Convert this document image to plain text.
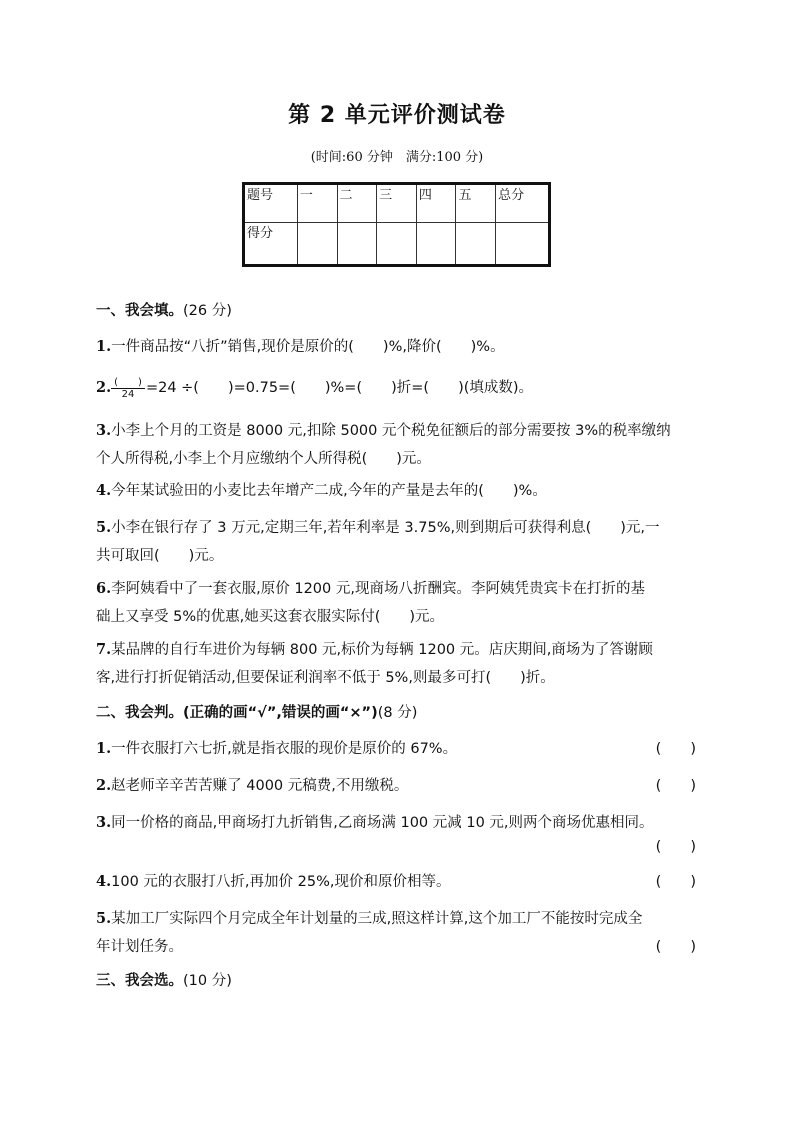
第 2 单元评价测试卷
(时间:60 分钟　满分:100 分)
题号	一	二	三	四	五	总分
得分						
一、我会填。(26 分)
1.一件商品按“八折”销售,现价是原价的(　　)%,降价(　　)%。
2. $\frac{( )}{24} =24$ ÷(　　)=0.75=(　　)%=(　　)折=(　　)(填成数)。
3.小李上个月的工资是 8000 元,扣除 5000 元个税免征额后的部分需要按 3%的税率缴纳
个人所得税,小李上个月应缴纳个人所得税(　　)元。
4.今年某试验田的小麦比去年增产二成,今年的产量是去年的(　　)%。
5.小李在银行存了 3 万元,定期三年,若年利率是 3.75%,则到期后可获得利息(　　)元,一
共可取回(　　)元。
6.李阿姨看中了一套衣服,原价 1200 元,现商场八折酬宾。李阿姨凭贵宾卡在打折的基
础上又享受 5%的优惠,她买这套衣服实际付(　　)元。
7.某品牌的自行车进价为每辆 800 元,标价为每辆 1200 元。店庆期间,商场为了答谢顾
客,进行打折促销活动,但要保证利润率不低于 5%,则最多可打(　　)折。
二、我会判。(正确的画“√”,错误的画“×”)(8 分)
1.一件衣服打六七折,就是指衣服的现价是原价的 67%。	(　　)
2.赵老师辛辛苦苦赚了 4000 元稿费,不用缴税。	(　　)
3.同一价格的商品,甲商场打九折销售,乙商场满 100 元减 10 元,则两个商场优惠相同。
(　　)
4.100 元的衣服打八折,再加价 25%,现价和原价相等。	(　　)
5.某加工厂实际四个月完成全年计划量的三成,照这样计算,这个加工厂不能按时完成全
年计划任务。	(　　)
三、我会选。(10 分)
